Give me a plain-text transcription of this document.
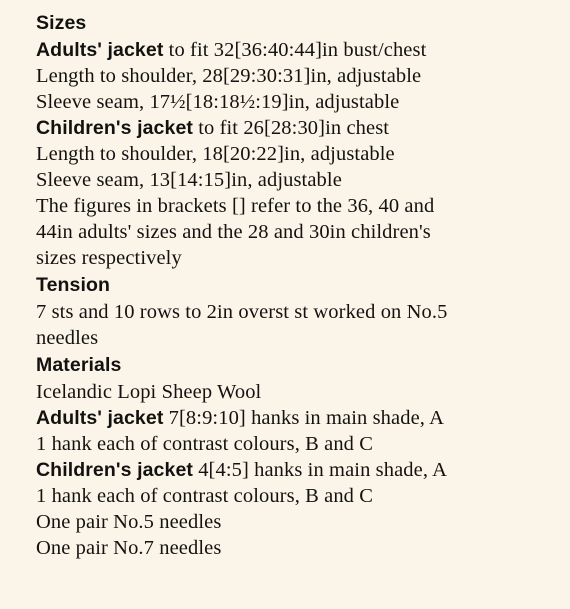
Sizes
Adults' jacket to fit 32[36:40:44]in bust/chest
Length to shoulder, 28[29:30:31]in, adjustable
Sleeve seam, 17½[18:18½:19]in, adjustable
Children's jacket to fit 26[28:30]in chest
Length to shoulder, 18[20:22]in, adjustable
Sleeve seam, 13[14:15]in, adjustable
The figures in brackets [] refer to the 36, 40 and
44in adults' sizes and the 28 and 30in children's
sizes respectively
Tension
7 sts and 10 rows to 2in overst st worked on No.5
needles
Materials
Icelandic Lopi Sheep Wool
Adults' jacket 7[8:9:10] hanks in main shade, A
1 hank each of contrast colours, B and C
Children's jacket 4[4:5] hanks in main shade, A
1 hank each of contrast colours, B and C
One pair No.5 needles
One pair No.7 needles
